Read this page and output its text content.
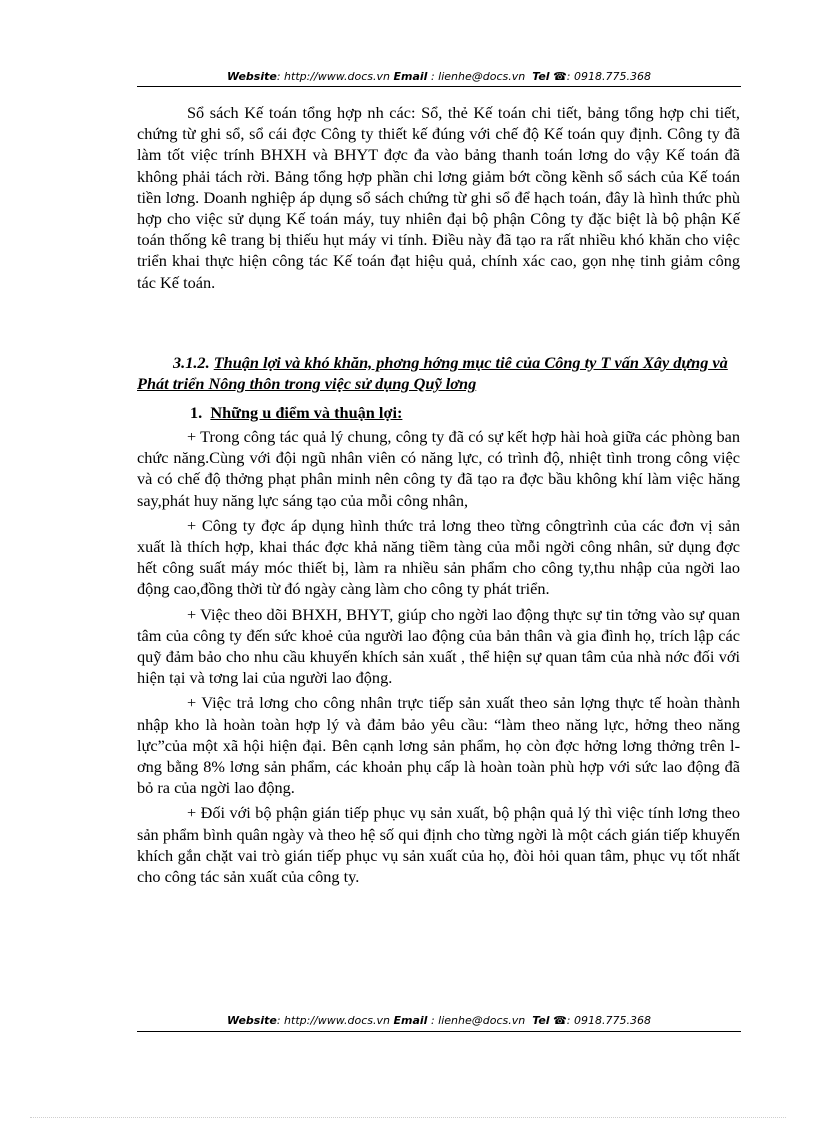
Website: http://www.docs.vn Email : lienhe@docs.vn Tel ☎: 0918.775.368

Sổ sách Kế toán tổng hợp nh các: Sổ, thẻ Kế toán chi tiết, bảng tổng hợp chi tiết, chứng từ ghi sổ, sổ cái đợc Công ty thiết kế đúng với chế độ Kế toán quy định. Công ty đã làm tốt việc trính BHXH và BHYT đợc đa vào bảng thanh toán lơng do vậy Kế toán đã không phải tách rời. Bảng tổng hợp phần chi lơng giảm bớt cồng kềnh sổ sách của Kế toán tiền lơng. Doanh nghiệp áp dụng sổ sách chứng từ ghi sổ để hạch toán, đây là hình thức phù hợp cho việc sử dụng Kế toán máy, tuy nhiên đại bộ phận Công ty đặc biệt là bộ phận Kế toán thống kê trang bị thiếu hụt máy vi tính. Điều này đã tạo ra rất nhiều khó khăn cho việc triển khai thực hiện công tác Kế toán đạt hiệu quả, chính xác cao, gọn nhẹ tinh giảm công tác Kế toán.

3.1.2. Thuận lợi và khó khăn, phơng hớng mục tiê của Công ty T vấn Xây dựng và Phát triển Nông thôn trong việc sử dụng Quỹ lơng
1. Những u điểm và thuận lợi:

+ Trong công tác quả lý chung, công ty đã có sự kết hợp hài hoà giữa các phòng ban chức năng.Cùng với đội ngũ nhân viên có năng lực, có trình độ, nhiệt tình trong công việc và có chế độ thởng phạt phân minh nên công ty đã tạo ra đợc bầu không khí làm việc hăng say,phát huy năng lực sáng tạo của mỗi công nhân,

+ Công ty đợc áp dụng hình thức trả lơng theo từng côngtrình của các đơn vị sản xuất là thích hợp, khai thác đợc khả năng tiềm tàng của mỗi ngời công nhân, sử dụng đợc hết công suất máy móc thiết bị, làm ra nhiều sản phẩm cho công ty,thu nhập của ngời lao động cao,đồng thời từ đó ngày càng làm cho công ty phát triển.

+ Việc theo dõi BHXH, BHYT, giúp cho ngời lao động thực sự tin tởng vào sự quan tâm của công ty đến sức khoẻ của người lao động của bản thân và gia đình họ, trích lập các quỹ đảm bảo cho nhu cầu khuyến khích sản xuất , thể hiện sự quan tâm của nhà nớc đối với hiện tại và tơng lai của người lao động.

+ Việc trả lơng cho công nhân trực tiếp sản xuất theo sản lợng thực tế hoàn thành nhập kho là hoàn toàn hợp lý và đảm bảo yêu cầu: “làm theo năng lực, hởng theo năng lực”của một xã hội hiện đại. Bên cạnh lơng sản phẩm, họ còn đợc hởng lơng thởng trên lơng bằng 8% lơng sản phẩm, các khoản phụ cấp là hoàn toàn phù hợp với sức lao động đã bỏ ra của ngời lao động.

+ Đối với bộ phận gián tiếp phục vụ sản xuất, bộ phận quả lý thì việc tính lơng theo sản phẩm bình quân ngày và theo hệ số qui định cho từng ngời là một cách gián tiếp khuyến khích gắn chặt vai trò gián tiếp phục vụ sản xuất của họ, đòi hỏi quan tâm, phục vụ tốt nhất cho công tác sản xuất của công ty.

Website: http://www.docs.vn Email : lienhe@docs.vn Tel ☎: 0918.775.368
